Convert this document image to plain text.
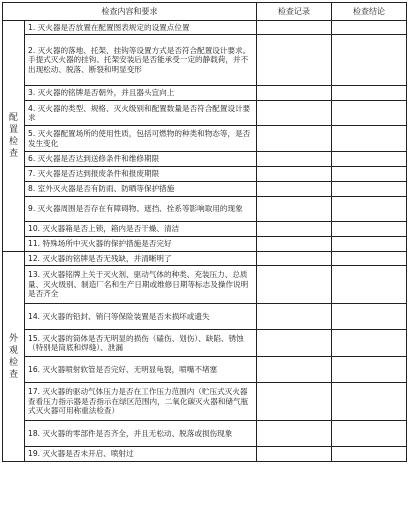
检查内容和要求		检查记录	检查结论

配置检查	1. 灭火器是否放置在配置图表规定的设置点位置		
	2. 灭火器的落地、托架、挂钩等设置方式是否符合配置设计要求。手提式灭火器的挂钩、托架安装后是否能承受一定的静载荷，并不出现松动、脱落、断裂和明显变形		
	3. 灭火器的铭牌是否朝外，并且器头宜向上		
	4. 灭火器的类型、规格、灭火级别和配置数量是否符合配置设计要求		
	5. 灭火器配置场所的使用性质，包括可燃物的种类和物态等，是否发生变化		
	6. 灭火器是否达到送修条件和维修期限		
	7. 灭火器是否达到报废条件和报废期限		
	8. 室外灭火器是否有防雨、防晒等保护措施		
	9. 灭火器周围是否存在有障碍物、遮挡、拴系等影响取用的现象		
	10. 灭火器箱是否上锁，箱内是否干燥、清洁		
	11. 特殊场所中灭火器的保护措施是否完好		

外观检查	12. 灭火器的铭牌是否无残缺，并清晰明了		
	13. 灭火器铭牌上关于灭火剂、驱动气体的种类、充装压力、总质量、灭火级别、制造厂名和生产日期或维修日期等标志及操作说明是否齐全		
	14. 灭火器的铅封、销闩等保险装置是否未损坏或遗失		
	15. 灭火器的筒体是否无明显的损伤（磕伤、划伤）、缺陷、锈蚀（特别是筒底和焊缝）、泄漏		
	16. 灭火器喷射软管是否完好、无明显龟裂，喷嘴不堵塞		
	17. 灭火器的驱动气体压力是否在工作压力范围内（贮压式灭火器查看压力指示器是否指示在绿区范围内，二氧化碳灭火器和储气瓶式灭火器可用称重法检查）		
	18. 灭火器的零部件是否齐全，并且无松动、脱落或损伤现象		
	19. 灭火器是否未开启、喷射过		
